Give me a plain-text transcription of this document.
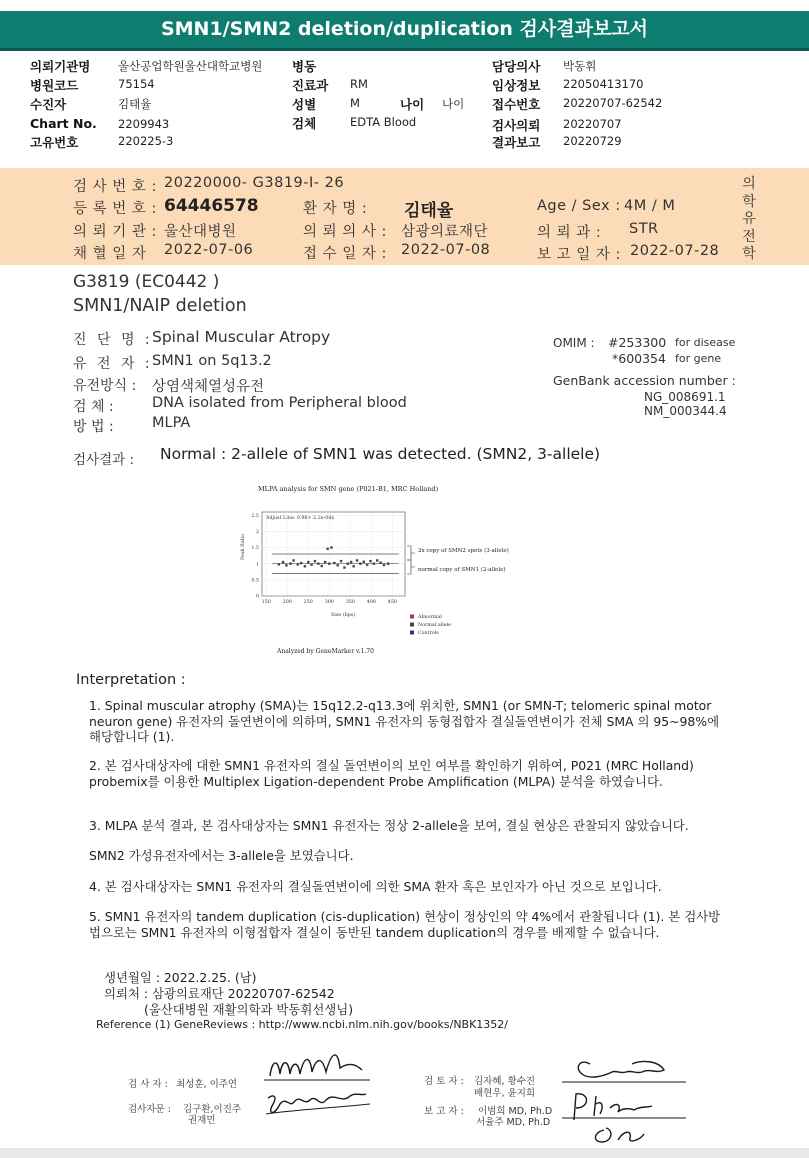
SMN1/SMN2 deletion/duplication 검사결과보고서
의뢰기관명 울산공업학원울산대학교병원
병원코드	75154
수진자	김태율
Chart No. 2209943
고유번호	220225-3
병동
진료과 RM
성별	M	나이 나이
검체	EDTA Blood
담당의사 박동휘
임상정보 22050413170
접수번호 20220707-62542
검사의뢰 20220707
결과보고 20220729
검 사 번 호 : 20220000- G3819-I- 26
등 록 번 호 : 64446578	환 자 명 : 김태율	Age / Sex : 4M / M
의 뢰 기 관 : 울산대병원	의 뢰 의 사 : 삼광의료재단	의 뢰 과 : STR
채 혈 일 자 2022-07-06	접 수 일 자 : 2022-07-08	보 고 일 자 : 2022-07-28
의
학
유
전
학
G3819 (EC0442 )
SMN1/NAIP deletion
진 단 명 : Spinal Muscular Atropy
유 전 자 : SMN1 on 5q13.2
유전방식 : 상염색체열성유전
검 체 :	DNA isolated from Peripheral blood
방 법 :	MLPA
OMIM : #253300 for disease
*600354 for gene
GenBank accession number :
NG_008691.1
NM_000344.4
검사결과 : Normal : 2-allele of SMN1 was detected. (SMN2, 3-allele)
MLPA analysis for SMN gene (P021-B1, MRC Holland)
Adjust Line: 0.96+-2.2e-04x
0
0.5
1
1.5
2
2.5
150 200 250 300 350 400 450
Size (bps)
Peak Ratio	2x copy of SMN2 spots (3-allele)
normal copy of SMN1 (2-allele)
Abnormal
Normal allele
Controls
Analyzed by GeneMarker v.1.70
Interpretation :
1. Spinal muscular atrophy (SMA)는 15q12.2-q13.3에 위치한, SMN1 (or SMN-T; telomeric spinal motor neuron gene) 유전자의 돌연변이에 의하며, SMN1 유전자의 동형접합자 결실돌연변이가 전체 SMA 의 95~98%에 해당합니다 (1).
2. 본 검사대상자에 대한 SMN1 유전자의 결실 돌연변이의 보인 여부를 확인하기 위하여, P021 (MRC Holland) probemix를 이용한 Multiplex Ligation-dependent Probe Amplification (MLPA) 분석을 하였습니다.
3. MLPA 분석 결과, 본 검사대상자는 SMN1 유전자는 정상 2-allele을 보여, 결실 현상은 관찰되지 않았습니다.
SMN2 가성유전자에서는 3-allele을 보였습니다.
4. 본 검사대상자는 SMN1 유전자의 결실돌연변이에 의한 SMA 환자 혹은 보인자가 아닌 것으로 보입니다.
5. SMN1 유전자의 tandem duplication (cis-duplication) 현상이 정상인의 약 4%에서 관찰됩니다 (1). 본 검사방법으로는 SMN1 유전자의 이형접합자 결실이 동반된 tandem duplication의 경우를 배제할 수 없습니다.
생년월일 : 2022.2.25. (남)
의뢰처 : 삼광의료재단 20220707-62542
(울산대병원 재활의학과 박동휘선생님)
Reference (1) GeneReviews : http://www.ncbi.nlm.nih.gov/books/NBK1352/
검 사 자 : 최성훈, 이주연
검사자문 : 김구환,이진주
권재민
검 토 자 : 김자혜, 황수진
배현우, 윤지희
보 고 자 : 이범희 MD, Ph.D
서율주 MD, Ph.D
